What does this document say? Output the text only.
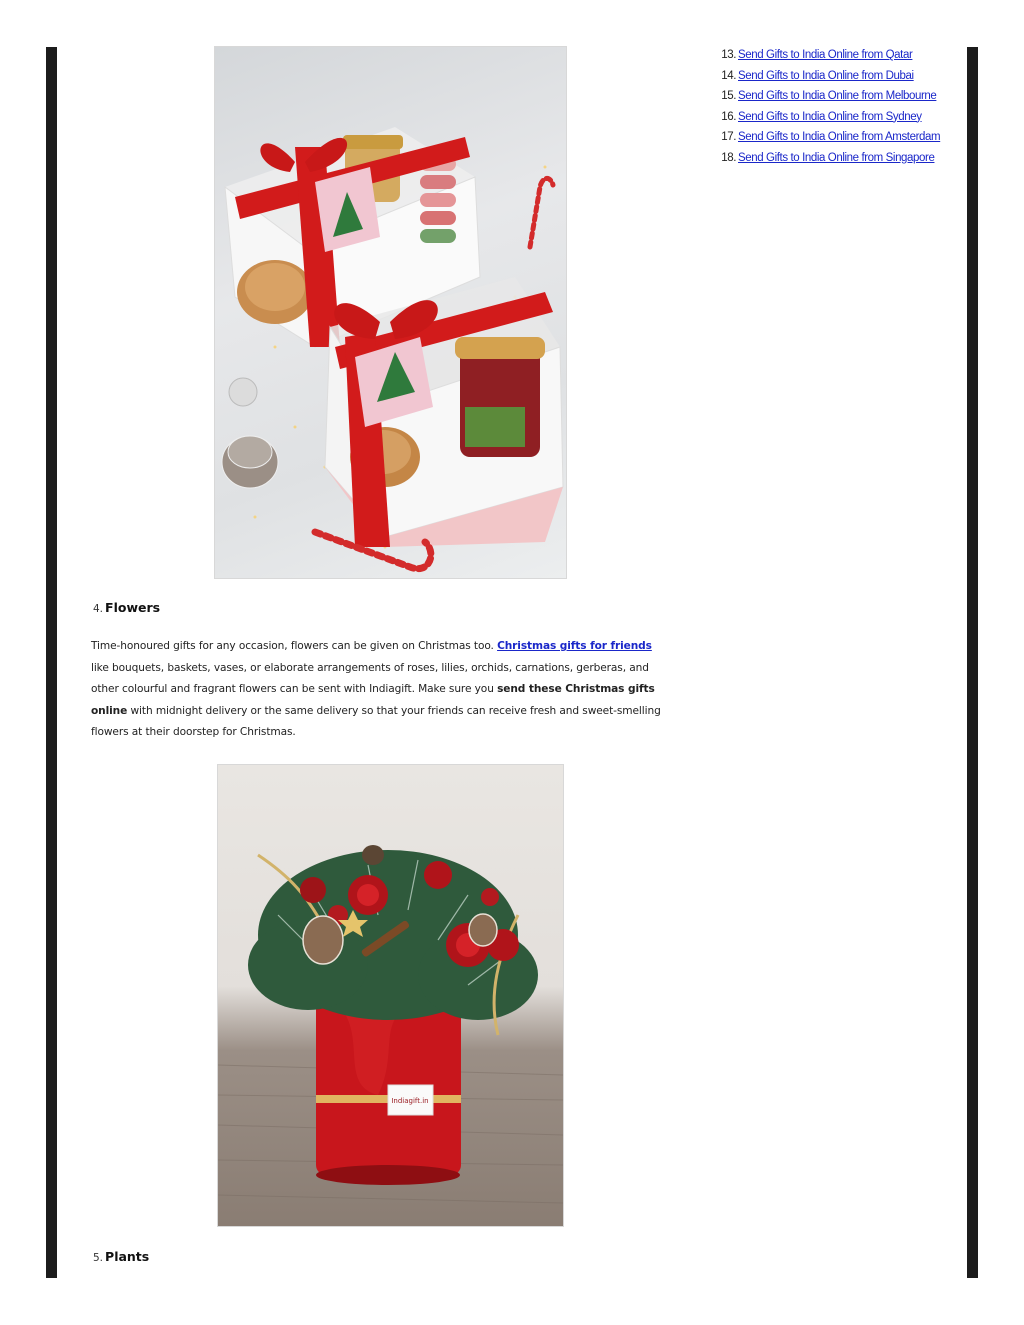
13. Send Gifts to India Online from Qatar
14. Send Gifts to India Online from Dubai
15. Send Gifts to India Online from Melbourne
16. Send Gifts to India Online from Sydney
17. Send Gifts to India Online from Amsterdam
18. Send Gifts to India Online from Singapore
4. Flowers
Time-honoured gifts for any occasion, flowers can be given on Christmas too. Christmas gifts for friends like bouquets, baskets, vases, or elaborate arrangements of roses, lilies, orchids, carnations, gerberas, and other colourful and fragrant flowers can be sent with Indiagift. Make sure you send these Christmas gifts online with midnight delivery or the same delivery so that your friends can receive fresh and sweet-smelling flowers at their doorstep for Christmas.
Indiagift.in
5. Plants
